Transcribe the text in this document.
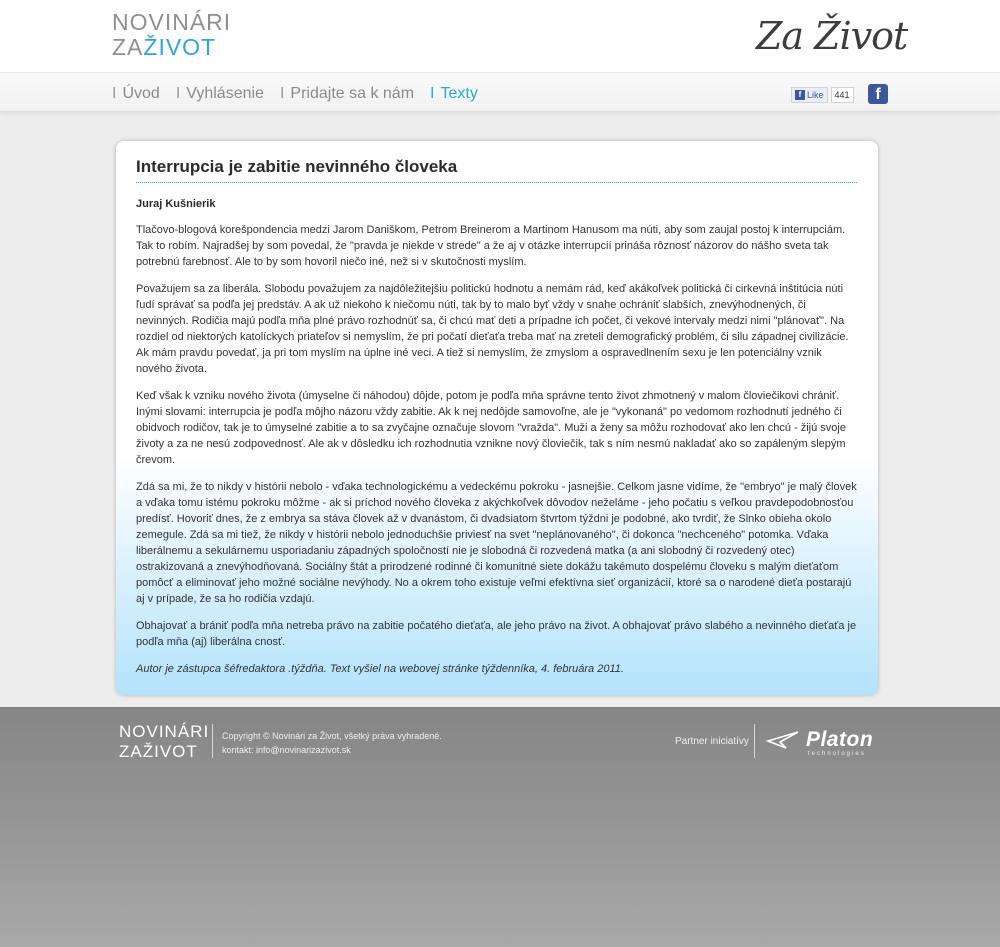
NOVINÁRI
ZAŽIVOT	Za Život
I Úvod I Vyhlásenie I Pridajte sa k nám I Texty	f Like	441	f
Interrupcia je zabitie nevinného človeka
Juraj Kušnierik

Tlačovo-blogová korešpondencia medzi Jarom Daniškom, Petrom Breinerom a Martinom Hanusom ma núti, aby som zaujal postoj k interrupciám. Tak to robím. Najradšej by som povedal, že "pravda je niekde v strede" a že aj v otázke interrupcií prináša rôznosť názorov do nášho sveta tak potrebnú farebnosť. Ale to by som hovoril niečo iné, než si v skutočnosti myslím.

Považujem sa za liberála. Slobodu považujem za najdôležitejšiu politickú hodnotu a nemám rád, keď akákoľvek politická či cirkevná inštitúcia núti ľudí správať sa podľa jej predstáv. A ak už niekoho k niečomu núti, tak by to malo byť vždy v snahe ochrániť slabších, znevýhodnených, či nevinných. Rodičia majú podľa mňa plné právo rozhodnúť sa, či chcú mať deti a prípadne ich počet, či vekové intervaly medzi nimi "plánovať". Na rozdiel od niektorých katolíckych priateľov si nemyslím, že pri počatí dieťaťa treba mať na zreteli demografický problém, či silu západnej civilizácie. Ak mám pravdu povedať, ja pri tom myslím na úplne iné veci. A tiež si nemyslím, že zmyslom a ospravedlnením sexu je len potenciálny vznik nového života.

Keď však k vzniku nového života (úmyselne či náhodou) dôjde, potom je podľa mňa správne tento život zhmotnený v malom človiečikovi chrániť. Inými slovami: interrupcia je podľa môjho názoru vždy zabitie. Ak k nej nedôjde samovoľne, ale je "vykonaná" po vedomom rozhodnutí jedného či obidvoch rodičov, tak je to úmyselné zabitie a to sa zvyčajne označuje slovom "vražda". Muži a ženy sa môžu rozhodovať ako len chcú - žijú svoje životy a za ne nesú zodpovednosť. Ale ak v dôsledku ich rozhodnutia vznikne nový človiečik, tak s ním nesmú nakladať ako so zapáleným slepým črevom.

Zdá sa mi, že to nikdy v histórii nebolo - vďaka technologickému a vedeckému pokroku - jasnejšie. Celkom jasne vidíme, že "embryo" je malý človek a vďaka tomu istému pokroku môžme - ak si príchod nového človeka z akýchkoľvek dôvodov neželáme - jeho počatiu s veľkou pravdepodobnosťou predísť. Hovoriť dnes, že z embrya sa stáva človek až v dvanástom, či dvadsiatom štvrtom týždni je podobné, ako tvrdiť, že Slnko obieha okolo zemegule. Zdá sa mi tiež, že nikdy v histórii nebolo jednoduchšie priviesť na svet "neplánovaného", či dokonca "nechceného" potomka. Vďaka liberálnemu a sekulárnemu usporiadaniu západných spoločností nie je slobodná či rozvedená matka (a ani slobodný či rozvedený otec) ostrakizovaná a znevýhodňovaná. Sociálny štát a prirodzené rodinné či komunitné siete dokážu takémuto dospelému človeku s malým dieťaťom pomôcť a eliminovať jeho možné sociálne nevýhody. No a okrem toho existuje veľmi efektívna sieť organizácií, ktoré sa o narodené dieťa postarajú aj v prípade, že sa ho rodičia vzdajú.

Obhajovať a brániť podľa mňa netreba právo na zabitie počatého dieťaťa, ale jeho právo na život. A obhajovať právo slabého a nevinného dieťaťa je podľa mňa (aj) liberálna cnosť.

Autor je zástupca šéfredaktora .týždňa. Text vyšiel na webovej stránke týždenníka, 4. februára 2011.

NOVINÁRI
ZAŽIVOT
Copyright © Novinári za Život, všetký práva vyhradené.
kontakt: info@novinarizazivot.sk
Partner iniciatívy	Platon
technologies
